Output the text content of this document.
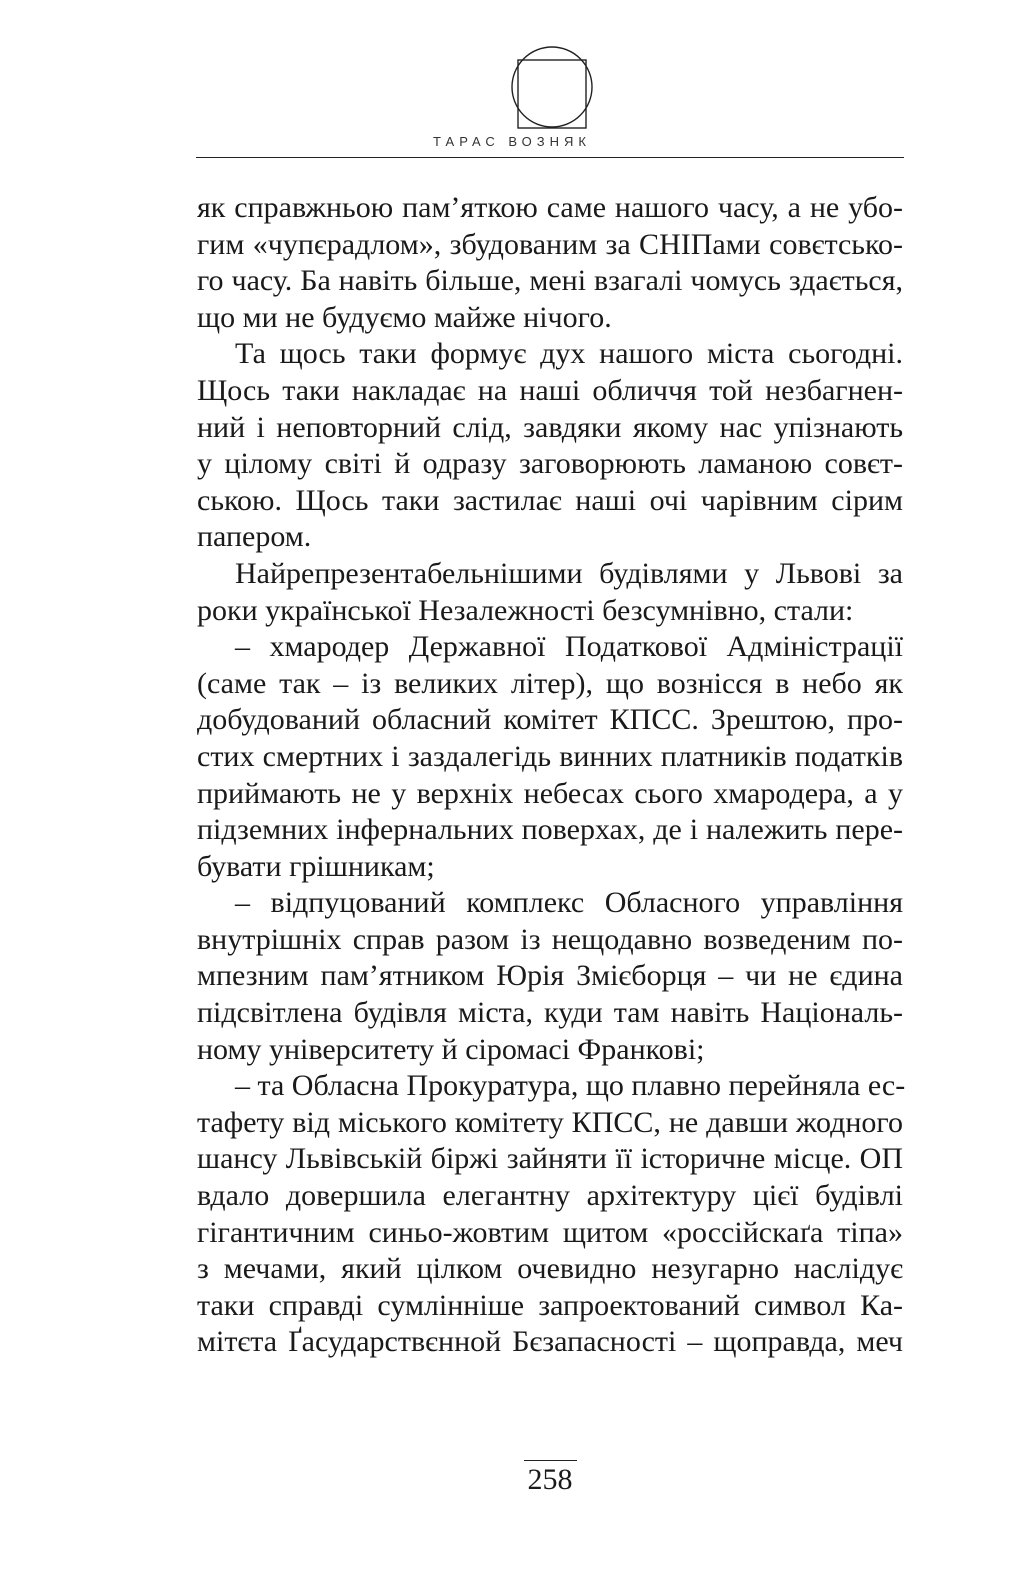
ТАРАС ВОЗНЯК
як справжньою пам’яткою саме нашого часу, а не убо-
гим «чупєрадлом», збудованим за СНІПами совєтсько-
го часу. Ба навіть більше, мені взагалі чомусь здається,
що ми не будуємо майже нічого.
Та щось таки формує дух нашого міста сьогодні.
Щось таки накладає на наші обличчя той незбагнен-
ний і неповторний слід, завдяки якому нас упізнають
у цілому світі й одразу заговорюють ламаною совєт-
ською. Щось таки застилає наші очі чарівним сірим
папером.
Найрепрезентабельнішими будівлями у Львові за
роки української Незалежності безсумнівно, стали:
– хмародер Державної Податкової Адміністрації
(саме так – із великих літер), що вознісся в небо як
добудований обласний комітет КПСС. Зрештою, про-
стих смертних і заздалегідь винних платників податків
приймають не у верхніх небесах сього хмародера, а у
підземних інфернальних поверхах, де і належить пере-
бувати грішникам;
– відпуцований комплекс Обласного управління
внутрішніх справ разом із нещодавно возведеним по-
мпезним пам’ятником Юрія Змієборця – чи не єдина
підсвітлена будівля міста, куди там навіть Національ-
ному університету й сіромасі Франкові;
– та Обласна Прокуратура, що плавно перейняла ес-
тафету від міського комітету КПСС, не давши жодного
шансу Львівській біржі зайняти її історичне місце. ОП
вдало довершила елегантну архітектуру цієї будівлі
гігантичним синьо-жовтим щитом «россійскаґа тіпа»
з мечами, який цілком очевидно незугарно наслідує
таки справді сумлінніше запроектований символ Ка-
мітєта Ґасударствєнной Бєзапасності – щоправда, меч
258
